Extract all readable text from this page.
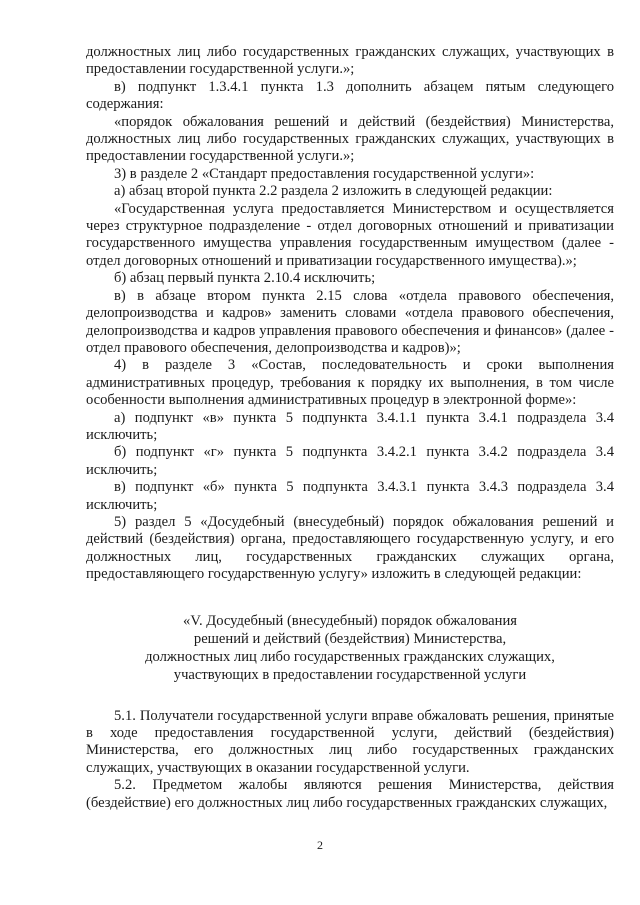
должностных лиц либо государственных гражданских служащих, участвующих в предоставлении государственной услуги.»;

в) подпункт 1.3.4.1 пункта 1.3 дополнить абзацем пятым следующего содержания:

«порядок обжалования решений и действий (бездействия) Министерства, должностных лиц либо государственных гражданских служащих, участвующих в предоставлении государственной услуги.»;

3) в разделе 2 «Стандарт предоставления государственной услуги»:

а) абзац второй пункта 2.2 раздела 2 изложить в следующей редакции:

«Государственная услуга предоставляется Министерством и осуществляется через структурное подразделение - отдел договорных отношений и приватизации государственного имущества управления государственным имуществом (далее - отдел договорных отношений и приватизации государственного имущества).»;

б) абзац первый пункта 2.10.4 исключить;

в) в абзаце втором пункта 2.15 слова «отдела правового обеспечения, делопроизводства и кадров» заменить словами «отдела правового обеспечения, делопроизводства и кадров управления правового обеспечения и финансов» (далее - отдел правового обеспечения, делопроизводства и кадров)»;

4) в разделе 3 «Состав, последовательность и сроки выполнения административных процедур, требования к порядку их выполнения, в том числе особенности выполнения административных процедур в электронной форме»:

а) подпункт «в» пункта 5 подпункта 3.4.1.1 пункта 3.4.1 подраздела 3.4 исключить;

б) подпункт «г» пункта 5 подпункта 3.4.2.1 пункта 3.4.2 подраздела 3.4 исключить;

в) подпункт «б» пункта 5 подпункта 3.4.3.1 пункта 3.4.3 подраздела 3.4 исключить;

5) раздел 5 «Досудебный (внесудебный) порядок обжалования решений и действий (бездействия) органа, предоставляющего государственную услугу, и его должностных лиц, государственных гражданских служащих органа, предоставляющего государственную услугу» изложить в следующей редакции:

«V. Досудебный (внесудебный) порядок обжалования
решений и действий (бездействия) Министерства,
должностных лиц либо государственных гражданских служащих,
участвующих в предоставлении государственной услуги

5.1. Получатели государственной услуги вправе обжаловать решения, принятые в ходе предоставления государственной услуги, действий (бездействия) Министерства, его должностных лиц либо государственных гражданских служащих, участвующих в оказании государственной услуги.

5.2. Предметом жалобы являются решения Министерства, действия (бездействие) его должностных лиц либо государственных гражданских служащих,

2
